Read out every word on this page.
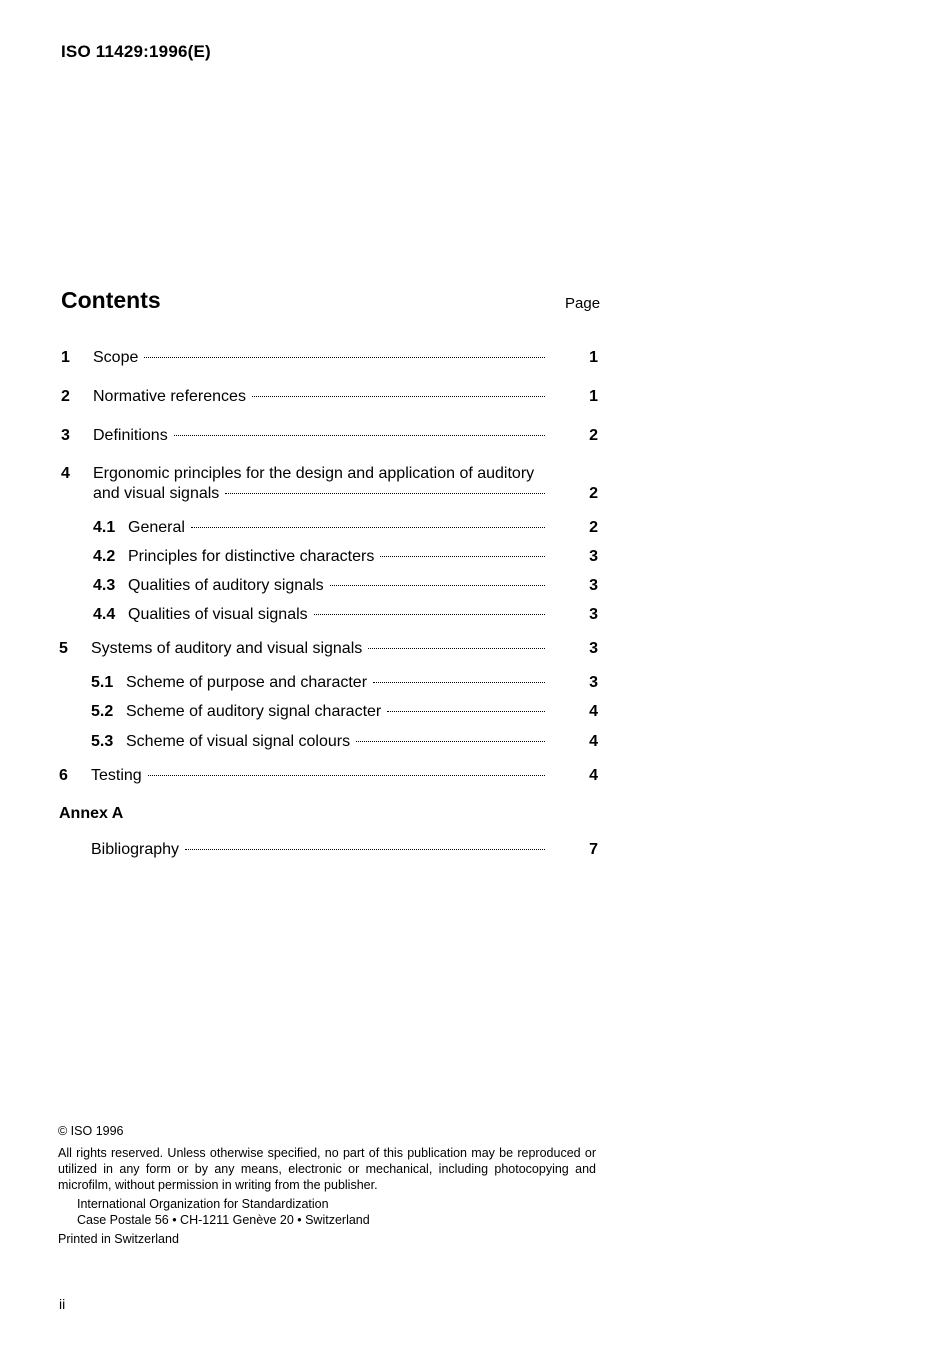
ISO 11429:1996(E)
Contents	Page
1 Scope	1
2 Normative references	1
3 Definitions	2
4 Ergonomic principles for the design and application of auditory
and visual signals	2
4.1 General	2
4.2 Principles for distinctive characters	3
4.3 Qualities of auditory signals	3
4.4 Qualities of visual signals	3
5 Systems of auditory and visual signals	3
5.1 Scheme of purpose and character	3
5.2 Scheme of auditory signal character	4
5.3 Scheme of visual signal colours	4
6 Testing	4
Annex A
Bibliography	7
© ISO 1996
All rights reserved. Unless otherwise specified, no part of this publication may be reproduced or utilized in any form or by any means, electronic or mechanical, including photocopying and microfilm, without permission in writing from the publisher.
International Organization for Standardization
Case Postale 56 • CH-1211 Genève 20 • Switzerland
Printed in Switzerland
ii
